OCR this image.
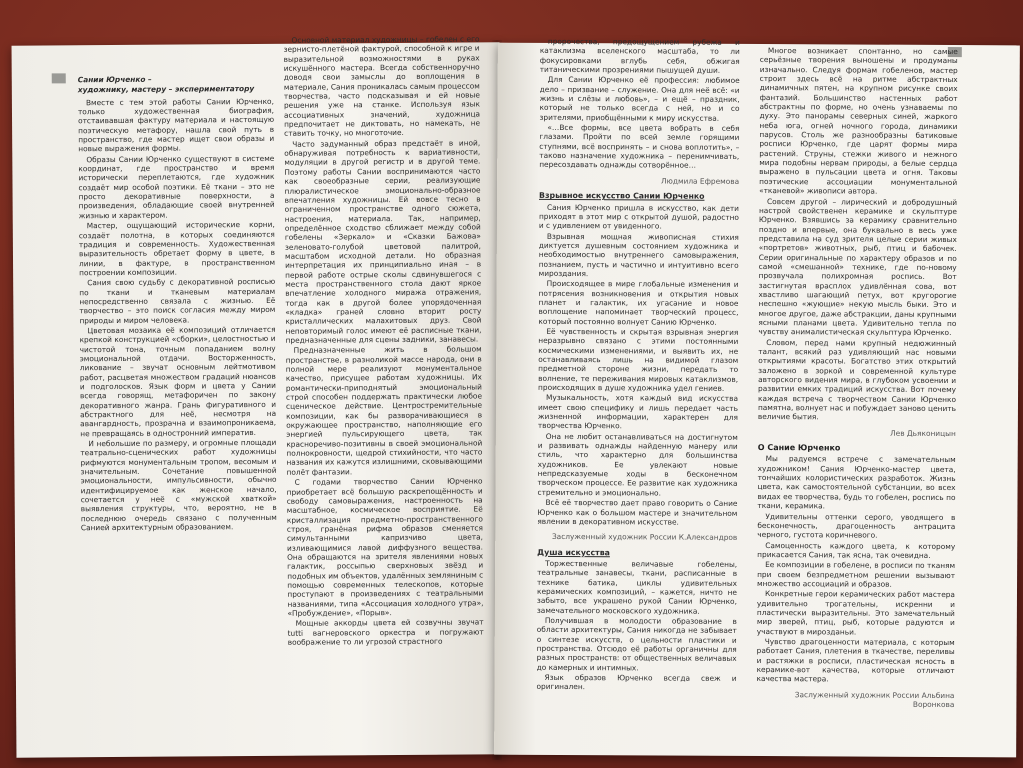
Сании Юрченко –

художнику, мастеру – экспериментатору

Вместе с тем этой работы Сании Юрченко, только художественная биография, отстаивавшая фактуру материала и настоящую поэтическую метафору, нашла свой путь в пространство, где мастер ищет свои образы и новые выражения формы.

Образы Сании Юрченко существуют в системе координат, где пространство и время исторически переплетаются, где художник создаёт мир особой поэтики. Её ткани – это не просто декоративные поверхности, а произведения, обладающие своей внутренней жизнью и характером.

Мастер, ощущающий исторические корни, создаёт полотна, в которых соединяются традиция и современность. Художественная выразительность обретает форму в цвете, в линии, в фактуре, в пространственном построении композиции.

Сания свою судьбу с декоративной росписью по ткани и тканевым материалам непосредственно связала с жизнью. Её творчество – это поиск согласия между миром природы и миром человека.

Цветовая мозаика её композиций отличается крепкой конструкцией «сборки», целостностью и чистотой тона, точным попаданием волну эмоциональной отдачи. Восторженность, ликование – звучат основным лейтмотивом работ, расцветая множеством градаций нюансов и подголосков. Язык форм и цвета у Сании всегда говорящ, метафоричен по закону декоративного жанра. Грань фигуративного и абстрактного для неё, несмотря на авангардность, прозрачна и взаимопроникаема, не превращаясь в одностронний императив.

И небольшие по размеру, и огромные площади театрально-сценических работ художницы рифмуются монументальным тропом, весомым и значительным. Сочетание повышенной эмоциональности, импульсивности, обычно идентифицируемое как женское начало, сочетается у неё с «мужской хваткой» выявления структуры, что, вероятно, не в последнюю очередь связано с полученным Санией архитектурным образованием.

Основной материал художницы – гобелен с его зернисто-плетёной фактурой, способной к игре и выразительной возможностями в руках искушённого мастера. Всегда собственноручно доводя свои замыслы до воплощения в материале, Сания проникалась самым процессом творчества, часто подсказывая и ей новые решения уже на станке. Используя язык ассоциативных значений, художница предпочитает не диктовать, но намекать, не ставить точку, но многоточие.

Часто задуманный образ предстаёт в иной, обнаруживая потребность к вариативности, модуляции в другой регистр и в другой теме. Поэтому работы Сании воспринимаются часто как своеобразные серии, реализующие плюралистическое эмоционально-образное впечатления художницы. Ей вовсе тесно в ограниченном пространстве одного сюжета, настроения, материала. Так, например, определённое сходство сближает между собой гобелены «Зеркало» и «Сказки Бажова» зеленовато-голубой цветовой палитрой, масштабом исходной детали. Но образная интерпретация их принципиально иная – в первой работе острые сколы сдвинувшегося с места пространственного стола дают яркое впечатление холодного миража отражения, тогда как в другой более упорядоченная «кладка» граней словно вторит росту кристаллических малахитовых друз. Свой неповторимый голос имеют её расписные ткани, предназначенные для сцены задники, занавесы.

Предназначенные жить в большом пространстве, в разноликой массе народа, они в полной мере реализуют монументальное качество, присущее работам художницы. Их романтически-приподнятый эмоциональный строй способен поддержать практически любое сценическое действие. Центростремительные композиции, как бы разворачивающиеся в окружающее пространство, наполняющие его энергией пульсирующего цвета, так красноречиво-позитивны в своей эмоциональной полнокровности, щедрой стихийности, что часто названия их кажутся излишними, сковывающими полёт фантазии.

С годами творчество Сании Юрченко приобретает всё большую раскрепощённость и свободу самовыражения, настроенность на масштабное, космическое восприятие. Её кристаллизация предметно-пространственного строя, гранёная рифма образов сменяется симультанными капризчиво цвета, изливающимися лавой диффузного вещества. Она обращаются на зрителя явлениями новых галактик, россыпью сверхновых звёзд и подобных им объектов, удалённых земляниным с помощью современных телескопов, которые проступают в произведениях с театральными названиями, типа «Ассоциация холодного утра», «Пробуждение», «Порыв».

Мощные аккорды цвета ей созвучны звучат tutti вагнеровского оркестра и погружают воображение то ли угрозой страстного

пророчества, предощущением рубежа и катаклизма вселенского масштаба, то ли фокусировками вглубь себя, обжигая титаническими прозрениями пышущей души.

Для Сании Юрченко её профессия: любимое дело – призвание – служение. Она для неё всё: «и жизнь и слёзы и любовь», – и ещё – праздник, который не только всегда с ней, но и со зрителями, приобщёнными к миру искусства.

«…Все формы, все цвета вобрать в себя глазами. Пройти по всей земле горящими ступнями, всё воспринять – и снова воплотить», – таково назначение художника – перенимчивать, пересоздавать однажды сотворённое…

Людмила Ефремова

Взрывное искусство Сании Юрченко

Сания Юрченко пришла в искусство, как дети приходят в этот мир с открытой душой, радостно и с удивлением от увиденного.

Взрывная мощная живописная стихия диктуется душевным состоянием художника и необходимостью внутреннего самовыражения, познанием, пусть и частично и интуитивно всего мироздания.

Происходящее в мире глобальные изменения и потрясения возникновения и открытия новых планет и галактик, их угасание и новое воплощение напоминает творческий процесс, который постоянно волнует Санию Юрченко.

Её чувственность и скрытая взрывная энергия неразрывно связано с этими постоянными космическими изменениями, и выявить их, не останавливаясь лишь на видимой глазом предметной стороне жизни, передать то волнение, те переживания мировых катаклизмов, происходящих в душе художника удел гениев.

Музыкальность, хотя каждый вид искусства имеет свою специфику и лишь передает часть жизненной информации, характерен для творчества Юрченко.

Она не любит останавливаться на достигнутом и развивать однажды найденную манеру или стиль, что характерно для большинства художников. Ее увлекают новые непредсказуемые ходы в бесконечном творческом процессе. Ее развитие как художника стремительно и эмоционально.

Всё её творчество дает право говорить о Сание Юрченко как о большом мастере и значительном явлении в декоративном искусстве.

Заслуженный художник России К.Александров

Душа искусства

Торжественные величавые гобелены, театральные занавесы, ткани, расписанные в технике батика, циклы удивительных керамических композиций, – кажется, ничто не забыто, все украшено рукой Сании Юрченко, замечательного московского художника.

Получившая в молодости образование в области архитектуры, Сания никогда не забывает о синтезе искусств, о цельности пластики и пространства. Отсюдо её работы органичны для разных пространств: от общественных величавых до камерных и интимных.

Язык образов Юрченко всегда свеж и оригинален.

Многое возникает спонтанно, но самые серьёзные творения выношены и продуманы изначально. Следуя формам гобеленов, мастер строит здесь всё на ритме абстрактных динамичных пятен, на крупном рисунке своих фантазий. Большинство настенных работ абстрактны по форме, но очень узнаваемы по духу. Это панорамы северных синей, жаркого неба юга, огней ночного города, динамики парусов. Столь же разнообразны батиковые росписи Юрченко, где царят формы мира растений. Струны, стежки живого и нежного мира подобны нервам природы, а белые сердца выражено в пульсации цвета и огня. Таковы поэтические ассоциации монументальной «тканевой» живописи автора.

Совсем другой – лирический и добродушный настрой свойственен керамике и скульптуре Юрченко. Взявшись за керамику сравнительно поздно и впервые, она буквально в весь уже представила на суд зрителя целые серии живых «портретов» животных, рыб, птиц и бабочек. Серии оригинальные по характеру образов и по самой «смешанной» технике, где по-новому прозвучала полихромная роспись. Вот застигнутая врасплох удивлённая сова, вот хвастливо шагающий петух, вот кругорогие неспешно «жующие» некую мысль быки. Это и многое другое, даже абстракции, даны крупными ясными планами цвета. Удивительно тепла по чувству анималистическая скульптура Юрченко.

Словом, перед нами крупный недюжинный талант, всякий раз удивляющий нас новыми открытиями красоты. Богатство этих открытий заложено в зоркой и современной культуре авторского видения мира, в глубоком усвоении и развитии емких традиций искусства. Вот почему каждая встреча с творчеством Сании Юрченко памятна, волнует нас и побуждает заново ценить величие бытия.

Лев Дьяконицын

О Сание Юрченко

Мы радуемся встрече с замечательным художником! Сания Юрченко-мастер цвета, тончайших колористических разработок. Жизнь цвета, как самостоятельной субстанции, во всех видах ее творчества, будь то гобелен, роспись по ткани, керамика.

Удивительны оттенки серого, уводящего в бесконечность, драгоценность антрацита черного, густота коричневого.

Самоценность каждого цвета, к которому прикасается Сания, так ясна, так очевидна.

Ее композиции в гобелене, в росписи по тканям при своем безпредметном решении вызывают множество ассоциаций и образов.

Конкретные герои керамических работ мастера удивительно трогательны, искренни и пластически выразительны. Это замечательный мир зверей, птиц, рыб, которые радуются и участвуют в мирозданьи.

Чувство драгоценности материала, с которым работает Сания, плетения в ткачестве, переливы и растяжки в росписи, пластическая ясность в керамике-вот качества, которые отличают качества мастера.

Заслуженный художник России Альбина Воронкова
